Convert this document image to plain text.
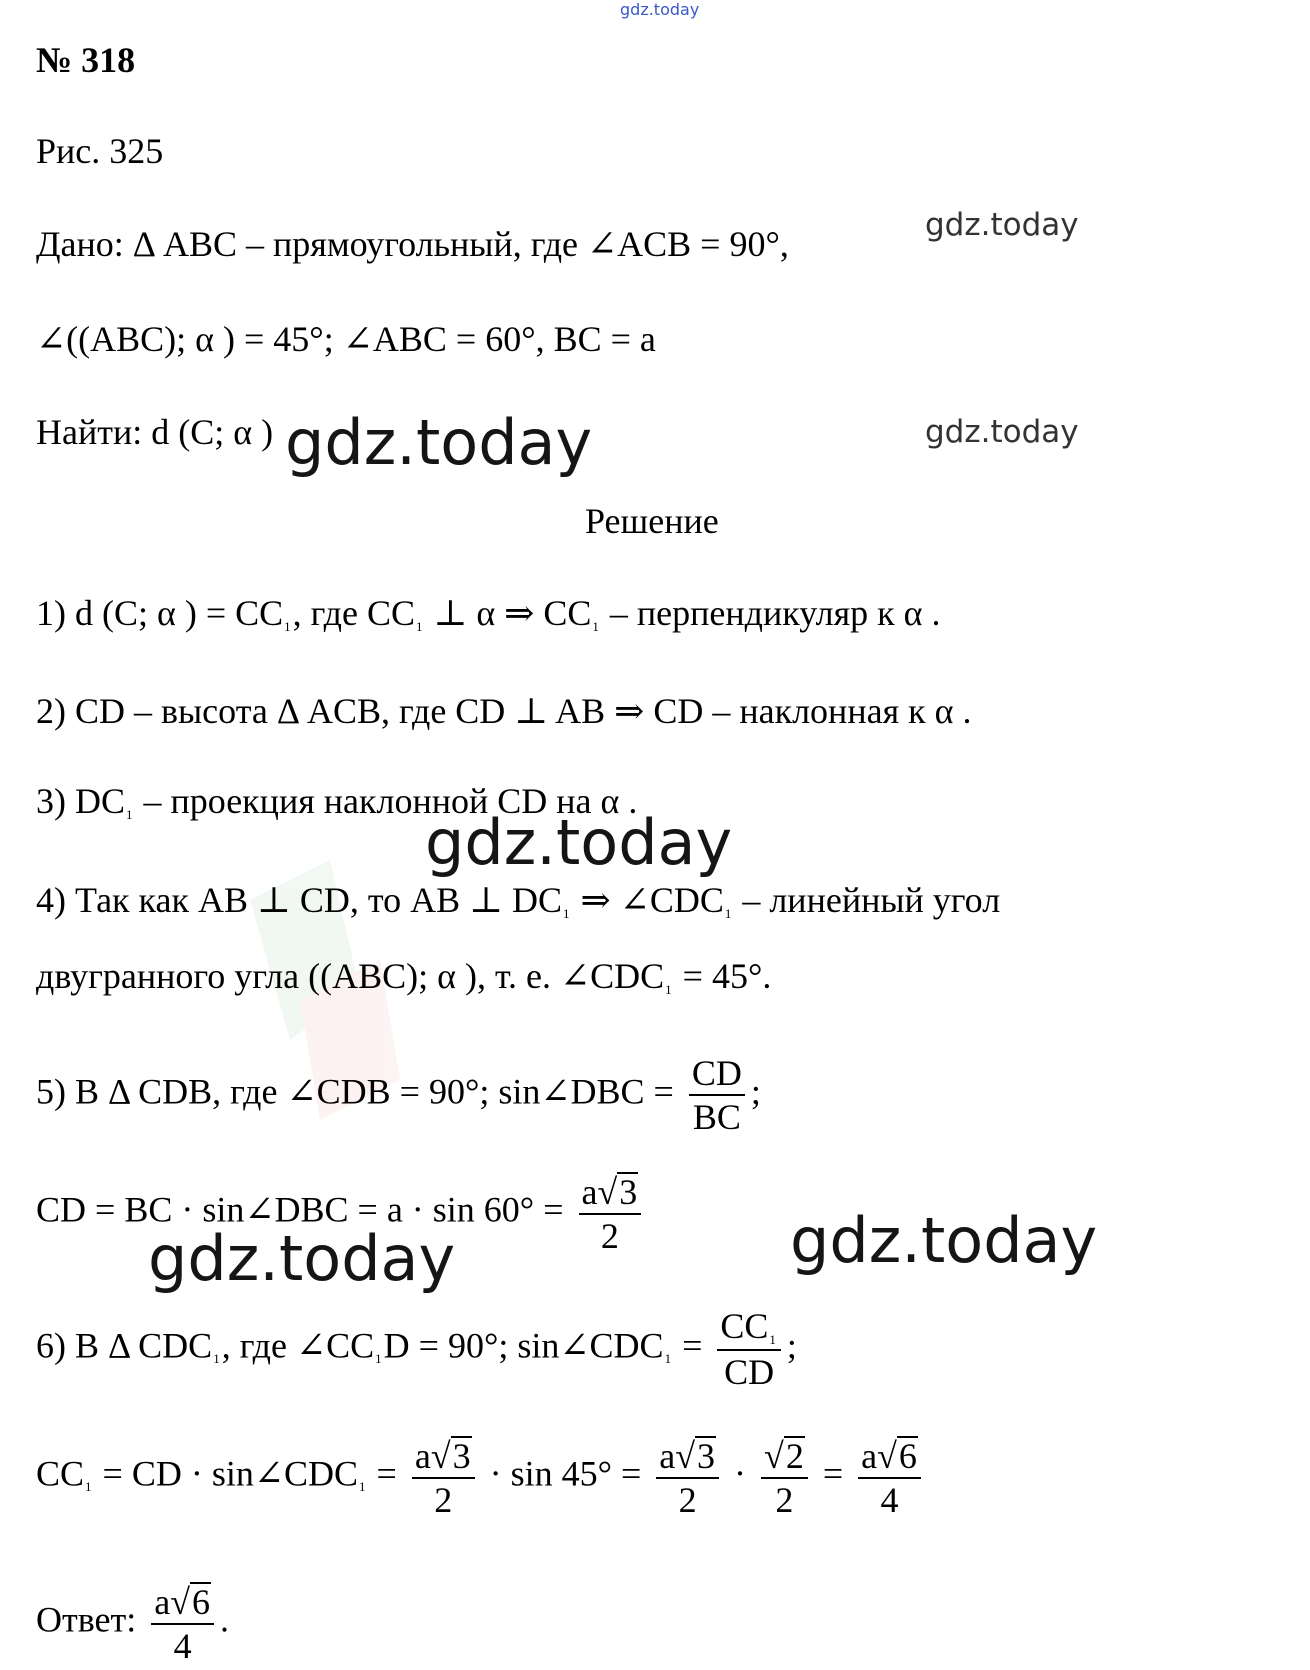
gdz.today
№ 318
Рис. 325
Дано: Δ ABC – прямоугольный, где ∠ACB = 90°,	gdz.today
∠((ABC); α ) = 45°; ∠ABC = 60°, BC = a
Найти: d (C; α ) gdz.today	gdz.today
Решение
1) d (C; α ) = $CC_1$, где $CC_1$ ⊥ α ⇒ $CC_1$ – перпендикуляр к α .
2) CD – высота Δ ACB, где CD ⊥ AB ⇒ CD – наклонная к α .
3) $DC_1$ – проекция наклонной CD на α .
gdz.today
4) Так как AB ⊥ CD, то AB ⊥ $DC_1$ ⇒ $\angle CDC_1$ – линейный угол
двугранного угла ((ABC); α ), т. е. $\angle CDC_1 = 45^\circ$.
5) B Δ CDB, где ∠CDB = 90°; sin∠DBC = $\frac{CD}{BC}$ ;
CD = BC · sin∠DBC = $a \cdot \sin 60^\circ = \frac{a√3}{2}$
gdz.today	gdz.today
6) B Δ $CDC_1$, где $\angle CC_1D = 90^\circ$; $\sin\angle CDC_1 = \frac{CC_1}{CD}$ ;
$CC_1$ = CD · $\sin\angle CDC_1 = \frac{a√3}{2} \cdot \sin 45^\circ = \frac{a√3}{2} \cdot \frac{√2}{2} = \frac{a√6}{4}$
Ответ: $\frac{a√6}{4}$ .
